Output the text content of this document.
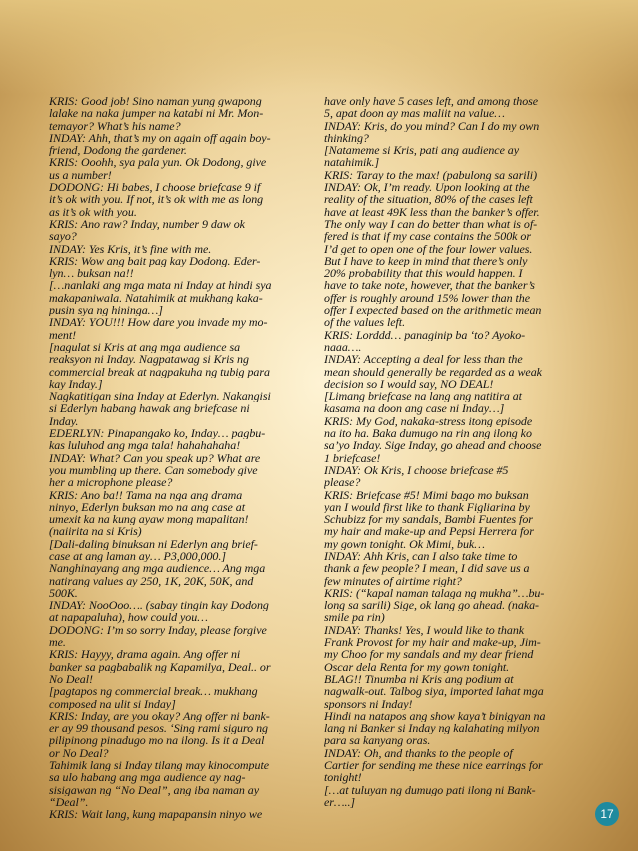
KRIS: Good job! Sino naman yung gwapong
lalake na naka jumper na katabi ni Mr. Mon-
temayor? What’s his name?
INDAY: Ahh, that’s my on again off again boy-
friend, Dodong the gardener.
KRIS: Ooohh, sya pala yun. Ok Dodong, give
us a number!
DODONG: Hi babes, I choose briefcase 9 if
it’s ok with you. If not, it’s ok with me as long
as it’s ok with you.
KRIS: Ano raw? Inday, number 9 daw ok
sayo?
INDAY: Yes Kris, it’s fine with me.
KRIS: Wow ang bait pag kay Dodong. Eder-
lyn… buksan na!!
[…nanlaki ang mga mata ni Inday at hindi sya
makapaniwala. Natahimik at mukhang kaka-
pusin sya ng hininga…]
INDAY: YOU!!! How dare you invade my mo-
ment!
[nagulat si Kris at ang mga audience sa
reaksyon ni Inday. Nagpatawag si Kris ng
commercial break at nagpakuha ng tubig para
kay Inday.]
Nagkatitigan sina Inday at Ederlyn. Nakangisi
si Ederlyn habang hawak ang briefcase ni
Inday.
EDERLYN: Pinapangako ko, Inday… pagbu-
kas luluhod ang mga tala! hahahahaha!
INDAY: What? Can you speak up? What are
you mumbling up there. Can somebody give
her a microphone please?
KRIS: Ano ba!! Tama na nga ang drama
ninyo, Ederlyn buksan mo na ang case at
umexit ka na kung ayaw mong mapalitan!
(naiirita na si Kris)
[Dali-daling binuksan ni Ederlyn ang brief-
case at ang laman ay… P3,000,000.]
Nanghinayang ang mga audience… Ang mga
natirang values ay 250, 1K, 20K, 50K, and
500K.
INDAY: NooOoo…. (sabay tingin kay Dodong
at napapaluha), how could you…
DODONG: I’m so sorry Inday, please forgive
me.
KRIS: Hayyy, drama again. Ang offer ni
banker sa pagbabalik ng Kapamilya, Deal.. or
No Deal!
[pagtapos ng commercial break… mukhang
composed na ulit si Inday]
KRIS: Inday, are you okay? Ang offer ni bank-
er ay 99 thousand pesos. ‘Sing rami siguro ng
pilipinong pinadugo mo na ilong. Is it a Deal
or No Deal?
Tahimik lang si Inday tilang may kinocompute
sa ulo habang ang mga audience ay nag-
sisigawan ng “No Deal”, ang iba naman ay
“Deal”.
KRIS: Wait lang, kung mapapansin ninyo we
have only have 5 cases left, and among those
5, apat doon ay mas maliit na value…
INDAY: Kris, do you mind? Can I do my own
thinking?
[Natameme si Kris, pati ang audience ay
natahimik.]
KRIS: Taray to the max! (pabulong sa sarili)
INDAY: Ok, I’m ready. Upon looking at the
reality of the situation, 80% of the cases left
have at least 49K less than the banker’s offer.
The only way I can do better than what is of-
fered is that if my case contains the 500k or
I’d get to open one of the four lower values.
But I have to keep in mind that there’s only
20% probability that this would happen. I
have to take note, however, that the banker’s
offer is roughly around 15% lower than the
offer I expected based on the arithmetic mean
of the values left.
KRIS: Lorddd… panaginip ba ‘to? Ayoko-
naaa….
INDAY: Accepting a deal for less than the
mean should generally be regarded as a weak
decision so I would say, NO DEAL!
[Limang briefcase na lang ang natitira at
kasama na doon ang case ni Inday…]
KRIS: My God, nakaka-stress itong episode
na ito ha. Baka dumugo na rin ang ilong ko
sa’yo Inday. Sige Inday, go ahead and choose
1 briefcase!
INDAY: Ok Kris, I choose briefcase #5
please?
KRIS: Briefcase #5! Mimi bago mo buksan
yan I would first like to thank Figliarina by
Schubizz for my sandals, Bambi Fuentes for
my hair and make-up and Pepsi Herrera for
my gown tonight. Ok Mimi, buk…
INDAY: Ahh Kris, can I also take time to
thank a few people? I mean, I did save us a
few minutes of airtime right?
KRIS: (“kapal naman talaga ng mukha”…bu-
long sa sarili) Sige, ok lang go ahead. (naka-
smile pa rin)
INDAY: Thanks! Yes, I would like to thank
Frank Provost for my hair and make-up, Jim-
my Choo for my sandals and my dear friend
Oscar dela Renta for my gown tonight.
BLAG!! Tinumba ni Kris ang podium at
nagwalk-out. Talbog siya, imported lahat mga
sponsors ni Inday!
Hindi na natapos ang show kaya’t binigyan na
lang ni Banker si Inday ng kalahating milyon
para sa kanyang oras.
INDAY: Oh, and thanks to the people of
Cartier for sending me these nice earrings for
tonight!
[…at tuluyan ng dumugo pati ilong ni Bank-
er…..]
17
